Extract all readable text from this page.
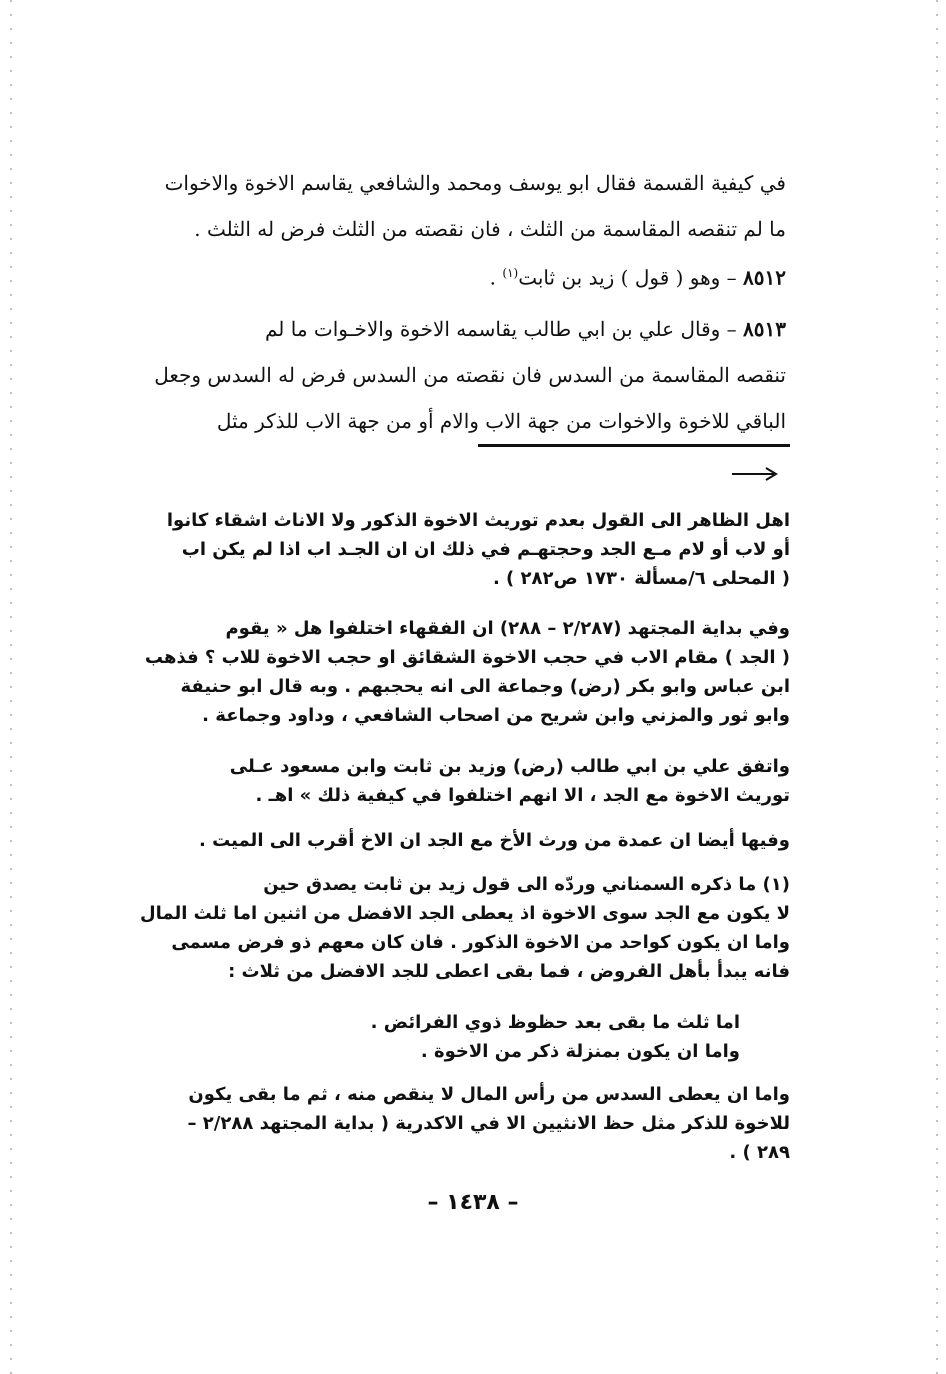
في كيفية القسمة فقال ابو يوسف ومحمد والشافعي يقاسم الاخوة والاخوات
ما لم تنقصه المقاسمة من الثلث ، فان نقصته من الثلث فرض له الثلث .
٨٥١٢ – وهو ( قول ) زيد بن ثابت$^{(١)}$ .
٨٥١٣ – وقال علي بن ابي طالب يقاسمه الاخوة والاخـوات ما لم
تنقصه المقاسمة من السدس فان نقصته من السدس فرض له السدس وجعل
الباقي للاخوة والاخوات من جهة الاب والام أو من جهة الاب للذكر مثل
اهل الظاهر الى القول بعدم توريث الاخوة الذكور ولا الاناث اشقاء كانوا
أو لاب أو لام مـع الجد وحجتهـم في ذلك ان ان الجـد اب اذا لم يكن اب
( المحلى ٦/مسألة ١٧٣٠ ص٢٨٢ ) .
وفي بداية المجتهد (٢/٢٨٧ – ٢٨٨) ان الفقهاء اختلفوا هل « يقوم
( الجد ) مقام الاب في حجب الاخوة الشقائق او حجب الاخوة للاب ؟ فذهب
ابن عباس وابو بكر (رض) وجماعة الى انه يحجبهم . وبه قال ابو حنيفة
وابو ثور والمزني وابن شريح من اصحاب الشافعي ، وداود وجماعة .
واتفق علي بن ابي طالب (رض) وزيد بن ثابت وابن مسعود عـلى
توريث الاخوة مع الجد ، الا انهم اختلفوا في كيفية ذلك » اهـ .
وفيها أيضا ان عمدة من ورث الأخ مع الجد ان الاخ أقرب الى الميت .
(١) ما ذكره السمناني وردّه الى قول زيد بن ثابت يصدق حين
لا يكون مع الجد سوى الاخوة اذ يعطى الجد الافضل من اثنين اما ثلث المال
واما ان يكون كواحد من الاخوة الذكور . فان كان معهم ذو فرض مسمى
فانه يبدأ بأهل الفروض ، فما بقى اعطى للجد الافضل من ثلاث :
اما ثلث ما بقى بعد حظوظ ذوي الفرائض .
واما ان يكون بمنزلة ذكر من الاخوة .
واما ان يعطى السدس من رأس المال لا ينقص منه ، ثم ما بقى يكون
للاخوة للذكر مثل حظ الانثيين الا في الاكدرية ( بداية المجتهد ٢/٢٨٨ –
٢٨٩ ) .
– ١٤٣٨ –
